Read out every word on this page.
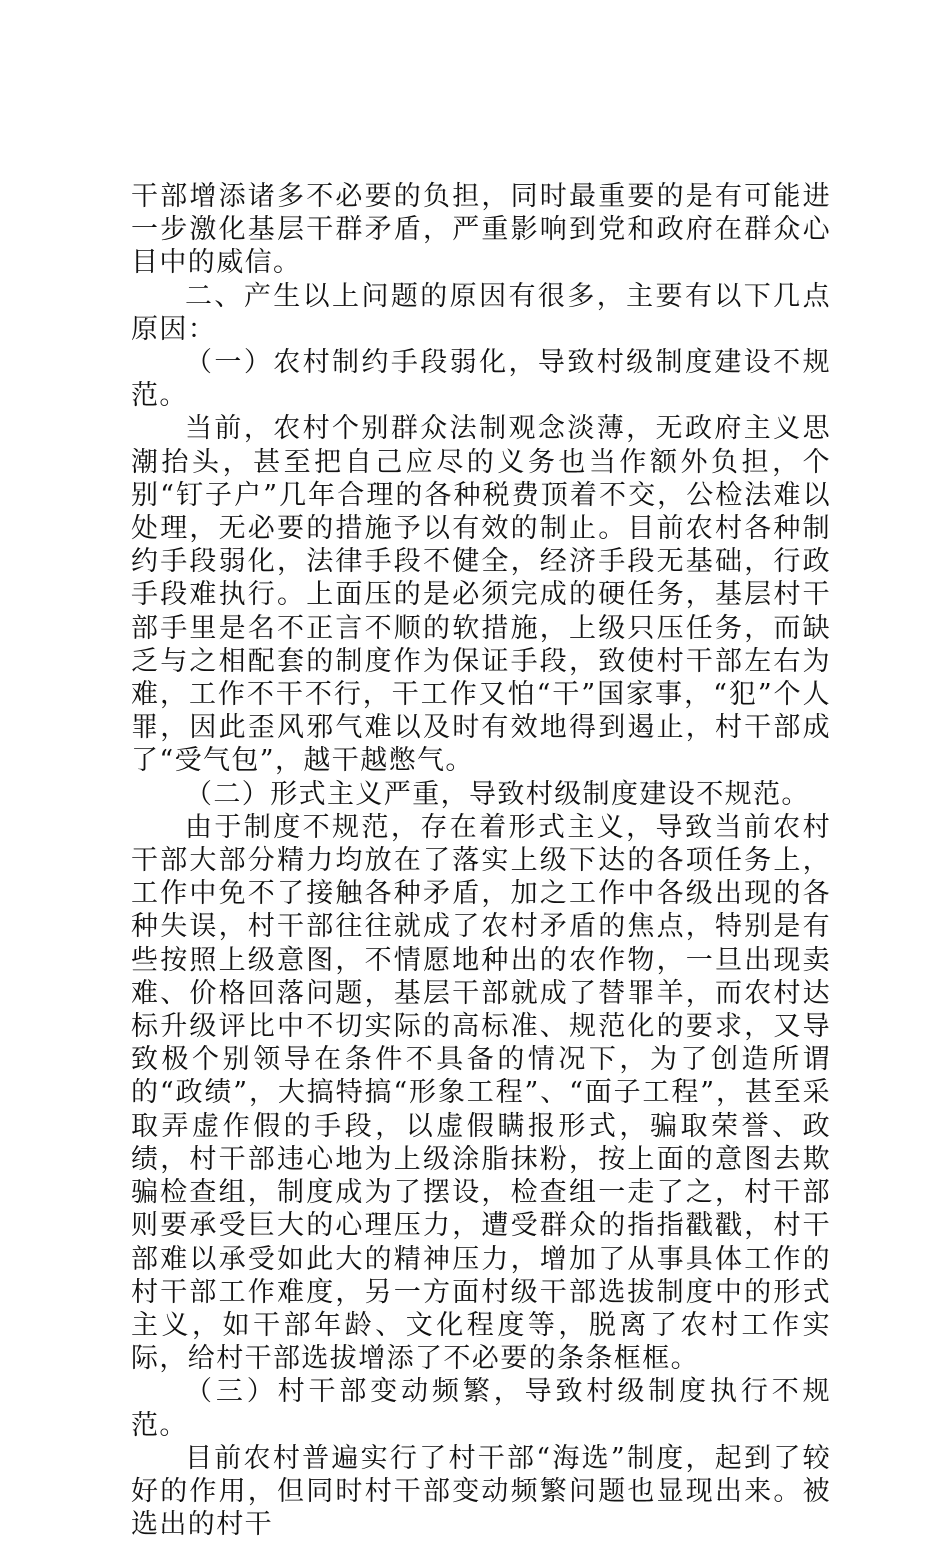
干部增添诸多不必要的负担，同时最重要的是有可能进一步激化基层干群矛盾，严重影响到党和政府在群众心目中的威信。

二、产生以上问题的原因有很多，主要有以下几点原因：

（一）农村制约手段弱化，导致村级制度建设不规范。

当前，农村个别群众法制观念淡薄，无政府主义思潮抬头，甚至把自己应尽的义务也当作额外负担，个别“钉子户”几年合理的各种税费顶着不交，公检法难以处理，无必要的措施予以有效的制止。目前农村各种制约手段弱化，法律手段不健全，经济手段无基础，行政手段难执行。上面压的是必须完成的硬任务，基层村干部手里是名不正言不顺的软措施，上级只压任务，而缺乏与之相配套的制度作为保证手段，致使村干部左右为难，工作不干不行，干工作又怕“干”国家事，“犯”个人罪，因此歪风邪气难以及时有效地得到遏止，村干部成了“受气包”，越干越憋气。

（二）形式主义严重，导致村级制度建设不规范。

由于制度不规范，存在着形式主义，导致当前农村干部大部分精力均放在了落实上级下达的各项任务上，工作中免不了接触各种矛盾，加之工作中各级出现的各种失误，村干部往往就成了农村矛盾的焦点，特别是有些按照上级意图，不情愿地种出的农作物，一旦出现卖难、价格回落问题，基层干部就成了替罪羊，而农村达标升级评比中不切实际的高标准、规范化的要求，又导致极个别领导在条件不具备的情况下，为了创造所谓的“政绩”，大搞特搞“形象工程”、“面子工程”，甚至采取弄虚作假的手段，以虚假瞒报形式，骗取荣誉、政绩，村干部违心地为上级涂脂抹粉，按上面的意图去欺骗检查组，制度成为了摆设，检查组一走了之，村干部则要承受巨大的心理压力，遭受群众的指指戳戳，村干部难以承受如此大的精神压力，增加了从事具体工作的村干部工作难度，另一方面村级干部选拔制度中的形式主义，如干部年龄、文化程度等，脱离了农村工作实际，给村干部选拔增添了不必要的条条框框。

（三）村干部变动频繁，导致村级制度执行不规范。

目前农村普遍实行了村干部“海选”制度，起到了较好的作用，但同时村干部变动频繁问题也显现出来。被选出的村干
